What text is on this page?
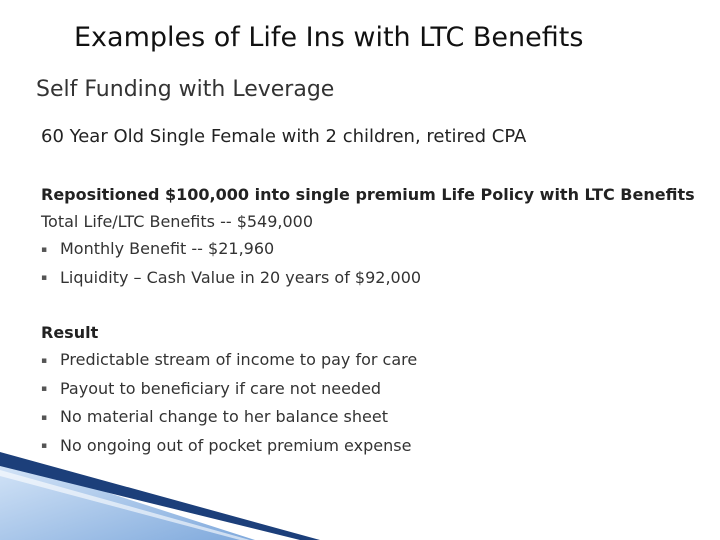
Examples of Life Ins with LTC Benefits
Self Funding with Leverage
60 Year Old Single Female with 2 children, retired CPA
Repositioned $100,000 into single premium Life Policy with LTC Benefits
Total Life/LTC Benefits -- $549,000
▪ Monthly Benefit -- $21,960
▪ Liquidity – Cash Value in 20 years of $92,000
Result
▪ Predictable stream of income to pay for care
▪ Payout to beneficiary if care not needed
▪ No material change to her balance sheet
▪ No ongoing out of pocket premium expense
